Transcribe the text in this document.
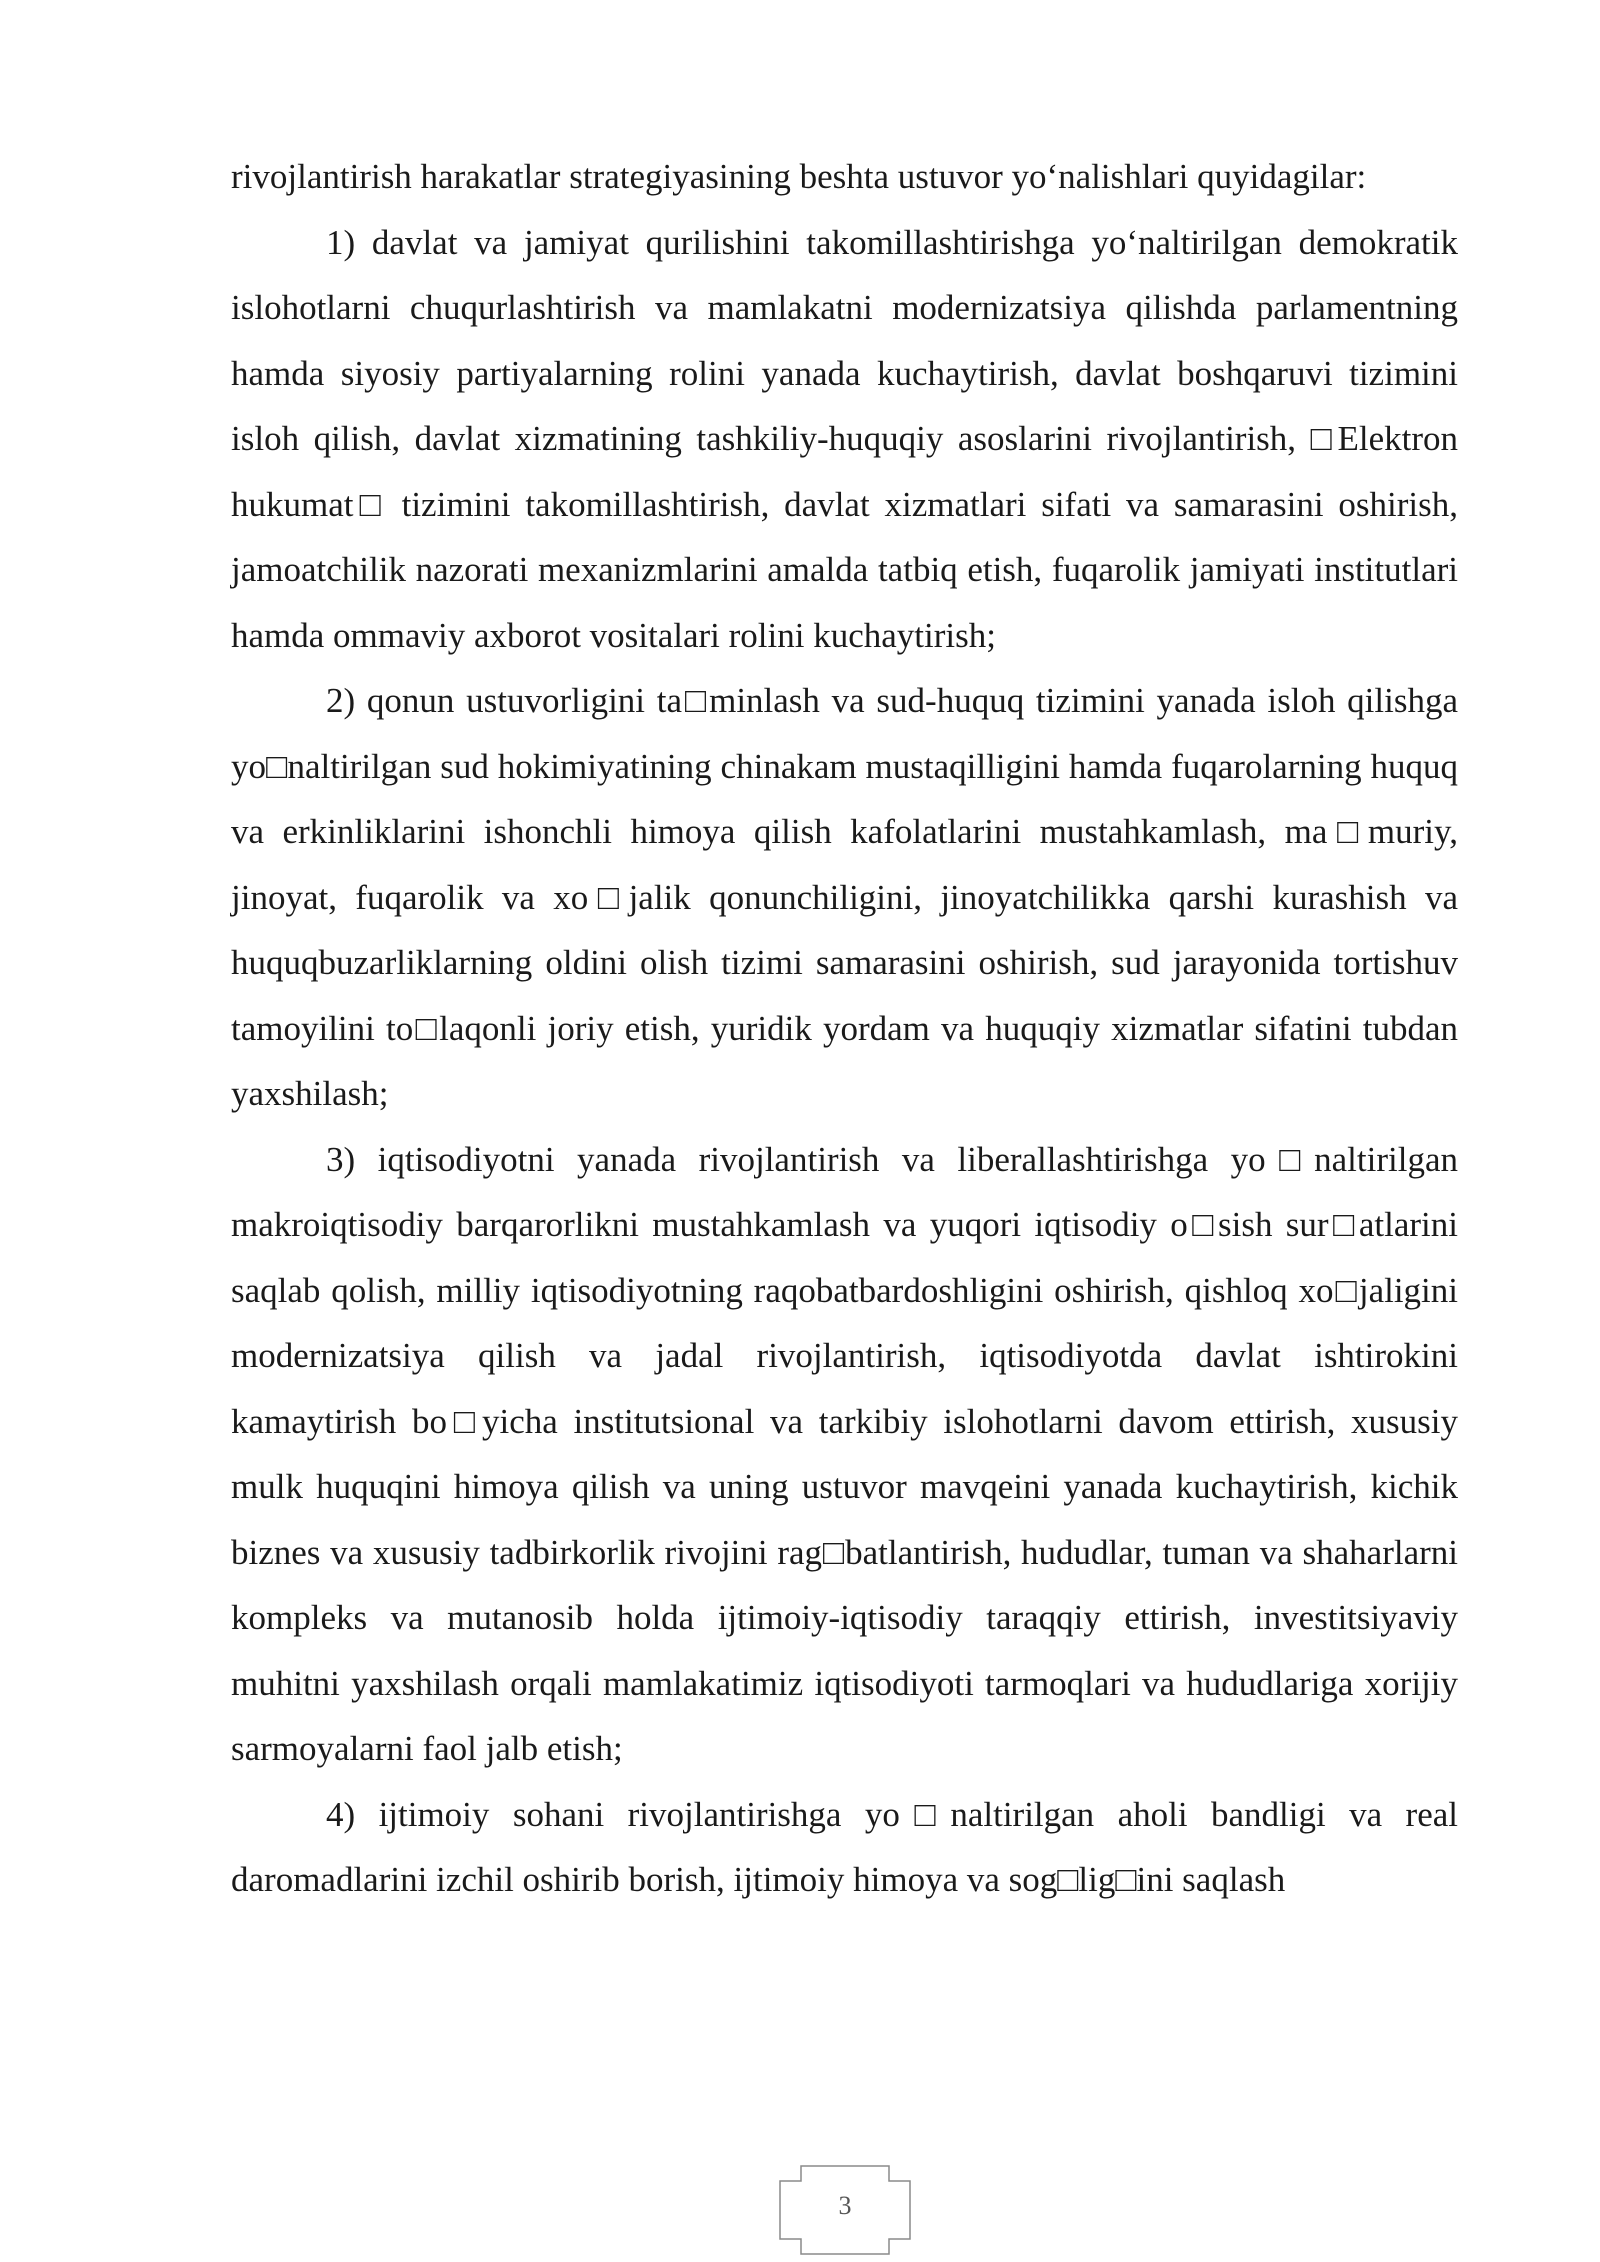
rivojlantirish harakatlar strategiyasining beshta ustuvor yo‘nalishlari quyidagilar:

1) davlat va jamiyat qurilishini takomillashtirishga yo‘naltirilgan demokratik islohotlarni chuqurlashtirish va mamlakatni modernizatsiya qilishda parlamentning hamda siyosiy partiyalarning rolini yanada kuchaytirish, davlat boshqaruvi tizimini isloh qilish, davlat xizmatining tashkiliy-huquqiy asoslarini rivojlantirish, □Elektron hukumat□ tizimini takomillashtirish, davlat xizmatlari sifati va samarasini oshirish, jamoatchilik nazorati mexanizmlarini amalda tatbiq etish, fuqarolik jamiyati institutlari hamda ommaviy axborot vositalari rolini kuchaytirish;

2) qonun ustuvorligini ta□minlash va sud-huquq tizimini yanada isloh qilishga yo□naltirilgan sud hokimiyatining chinakam mustaqilligini hamda fuqarolarning huquq va erkinliklarini ishonchli himoya qilish kafolatlarini mustahkamlash, ma□muriy, jinoyat, fuqarolik va xo□jalik qonunchiligini, jinoyatchilikka qarshi kurashish va huquqbuzarliklarning oldini olish tizimi samarasini oshirish, sud jarayonida tortishuv tamoyilini to□laqonli joriy etish, yuridik yordam va huquqiy xizmatlar sifatini tubdan yaxshilash;

3) iqtisodiyotni yanada rivojlantirish va liberallashtirishga yo□naltirilgan makroiqtisodiy barqarorlikni mustahkamlash va yuqori iqtisodiy o□sish sur□atlarini saqlab qolish, milliy iqtisodiyotning raqobatbardoshligini oshirish, qishloq xo□jaligini modernizatsiya qilish va jadal rivojlantirish, iqtisodiyotda davlat ishtirokini kamaytirish bo□yicha institutsional va tarkibiy islohotlarni davom ettirish, xususiy mulk huquqini himoya qilish va uning ustuvor mavqeini yanada kuchaytirish, kichik biznes va xususiy tadbirkorlik rivojini rag□batlantirish, hududlar, tuman va shaharlarni kompleks va mutanosib holda ijtimoiy-iqtisodiy taraqqiy ettirish, investitsiyaviy muhitni yaxshilash orqali mamlakatimiz iqtisodiyoti tarmoqlari va hududlariga xorijiy sarmoyalarni faol jalb etish;

4) ijtimoiy sohani rivojlantirishga yo□naltirilgan aholi bandligi va real daromadlarini izchil oshirib borish, ijtimoiy himoya va sog□lig□ini saqlash

3
